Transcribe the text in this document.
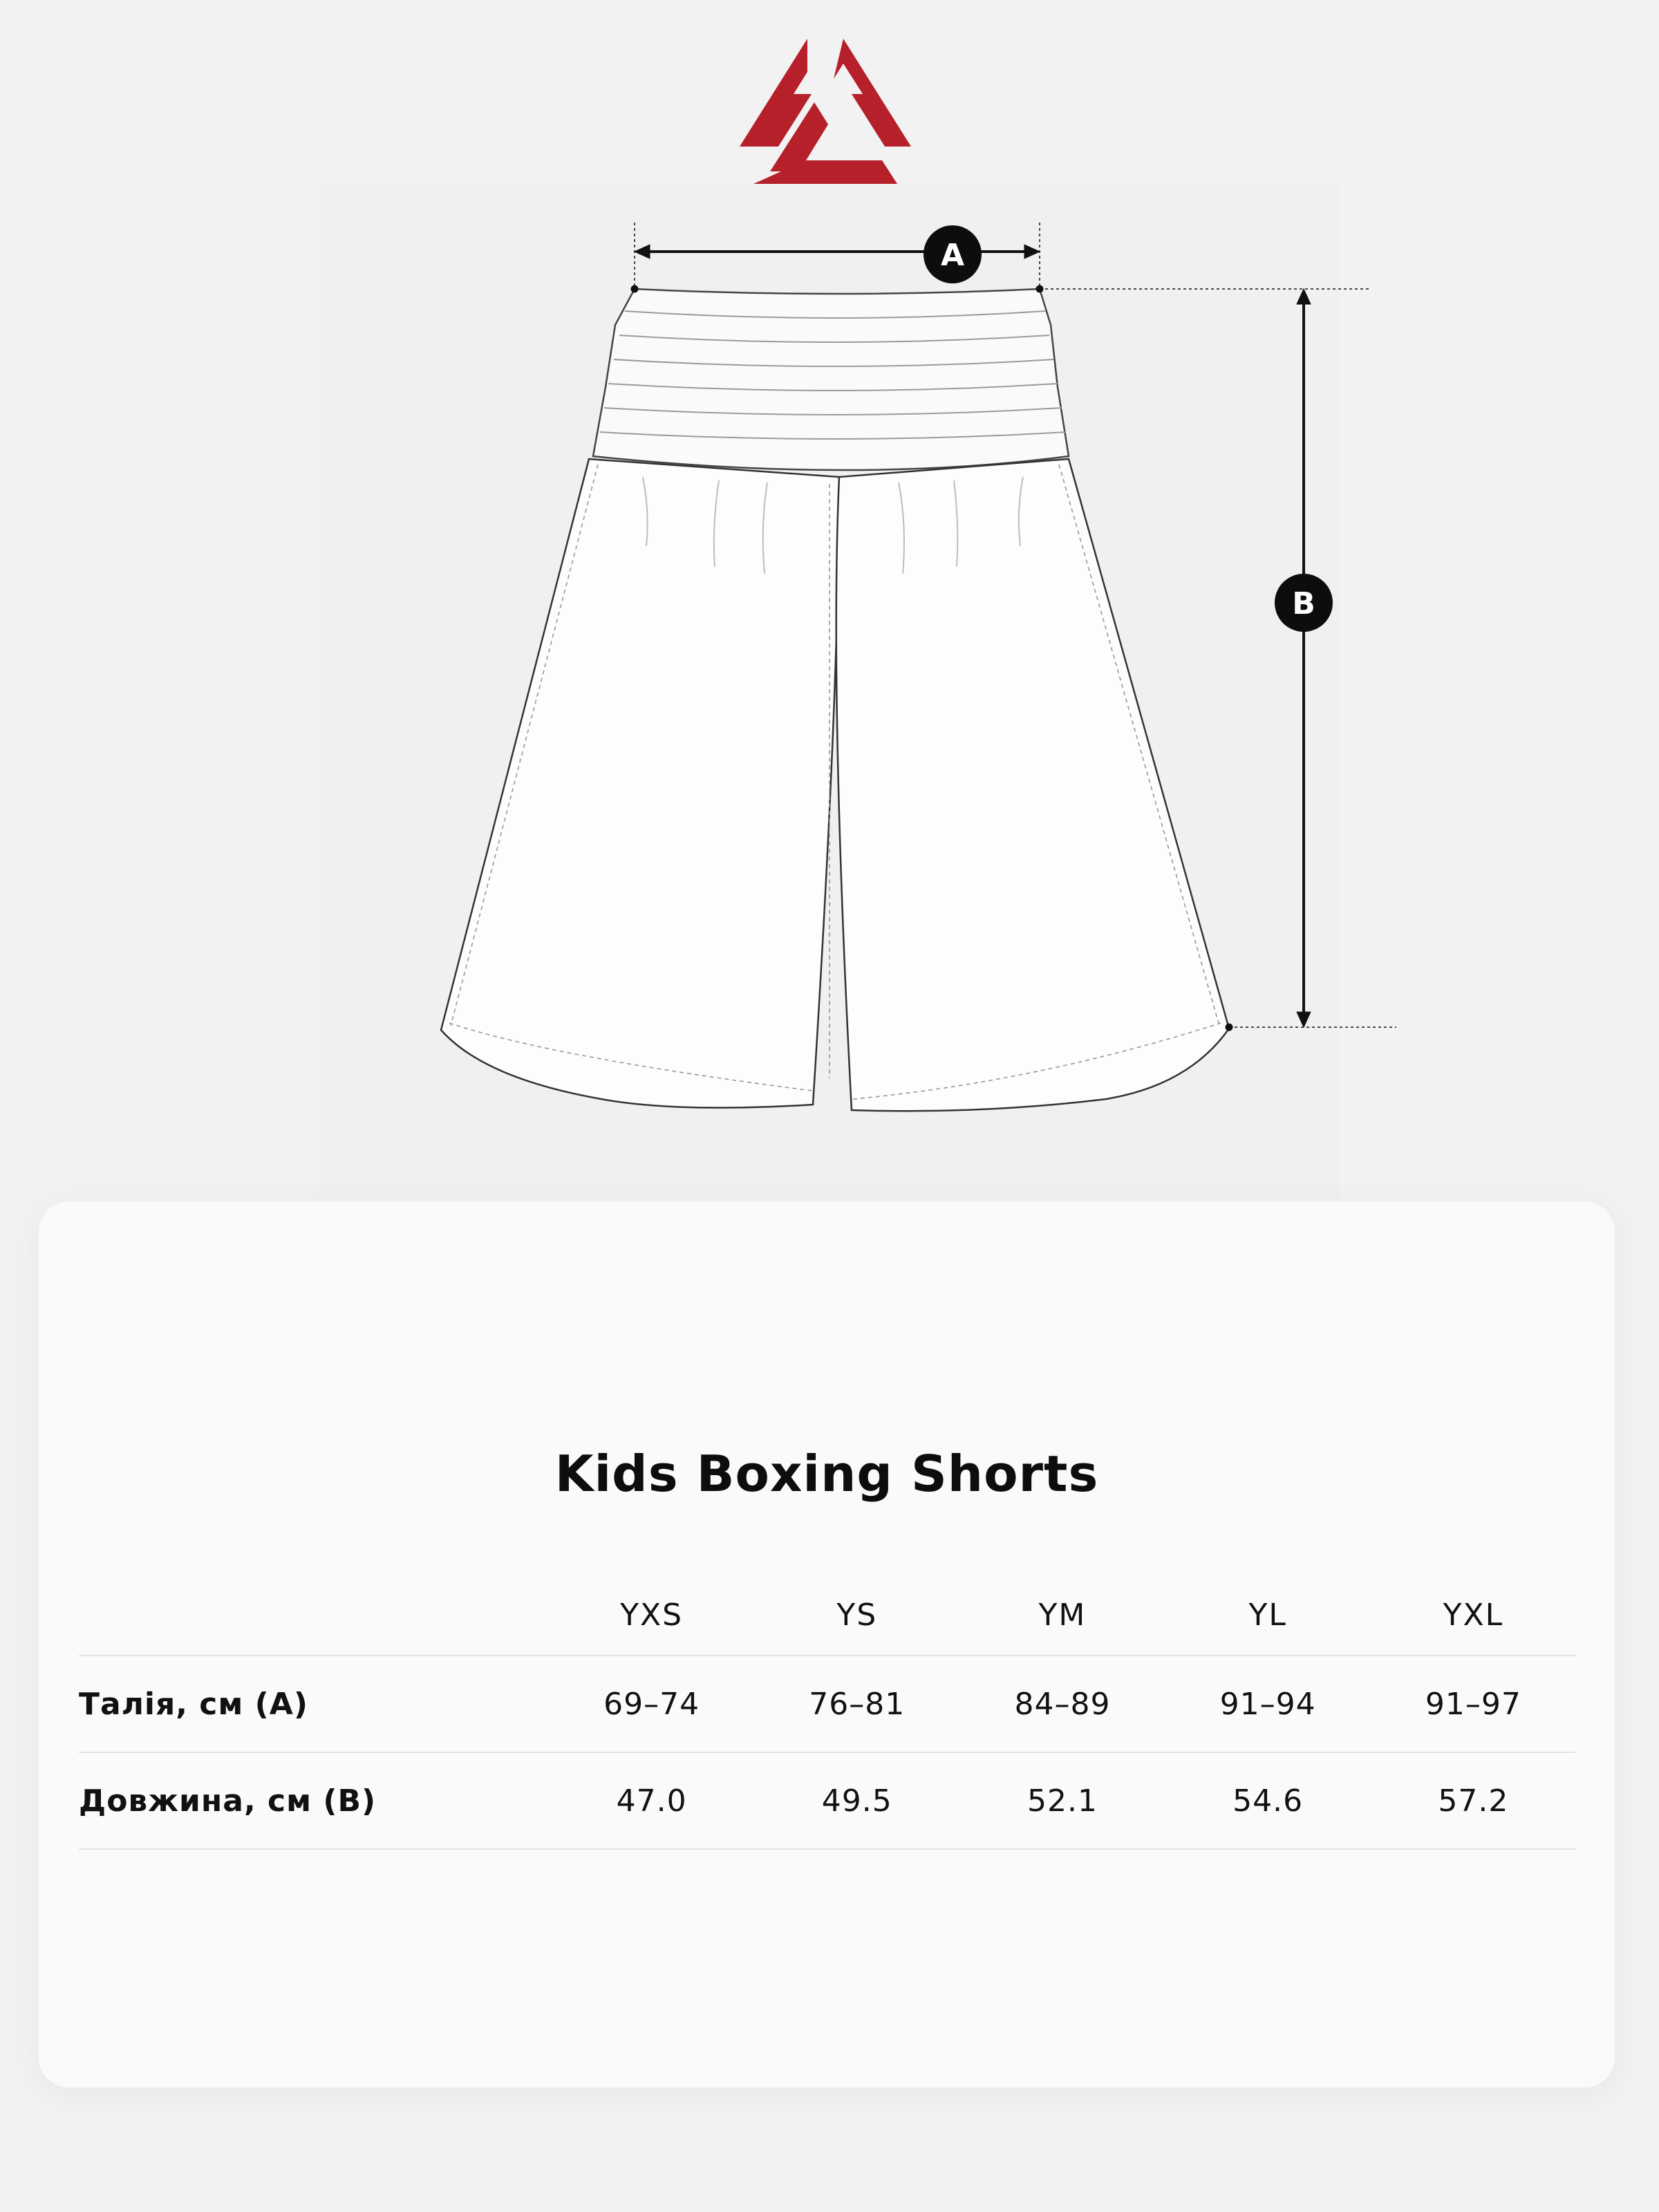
A
B
Kids Boxing Shorts
	YXS	YS	YM	YL	YXL
Талія, см (А)	69–74	76–81	84–89	91–94	91–97
Довжина, см (В)	47.0	49.5	52.1	54.6	57.2
